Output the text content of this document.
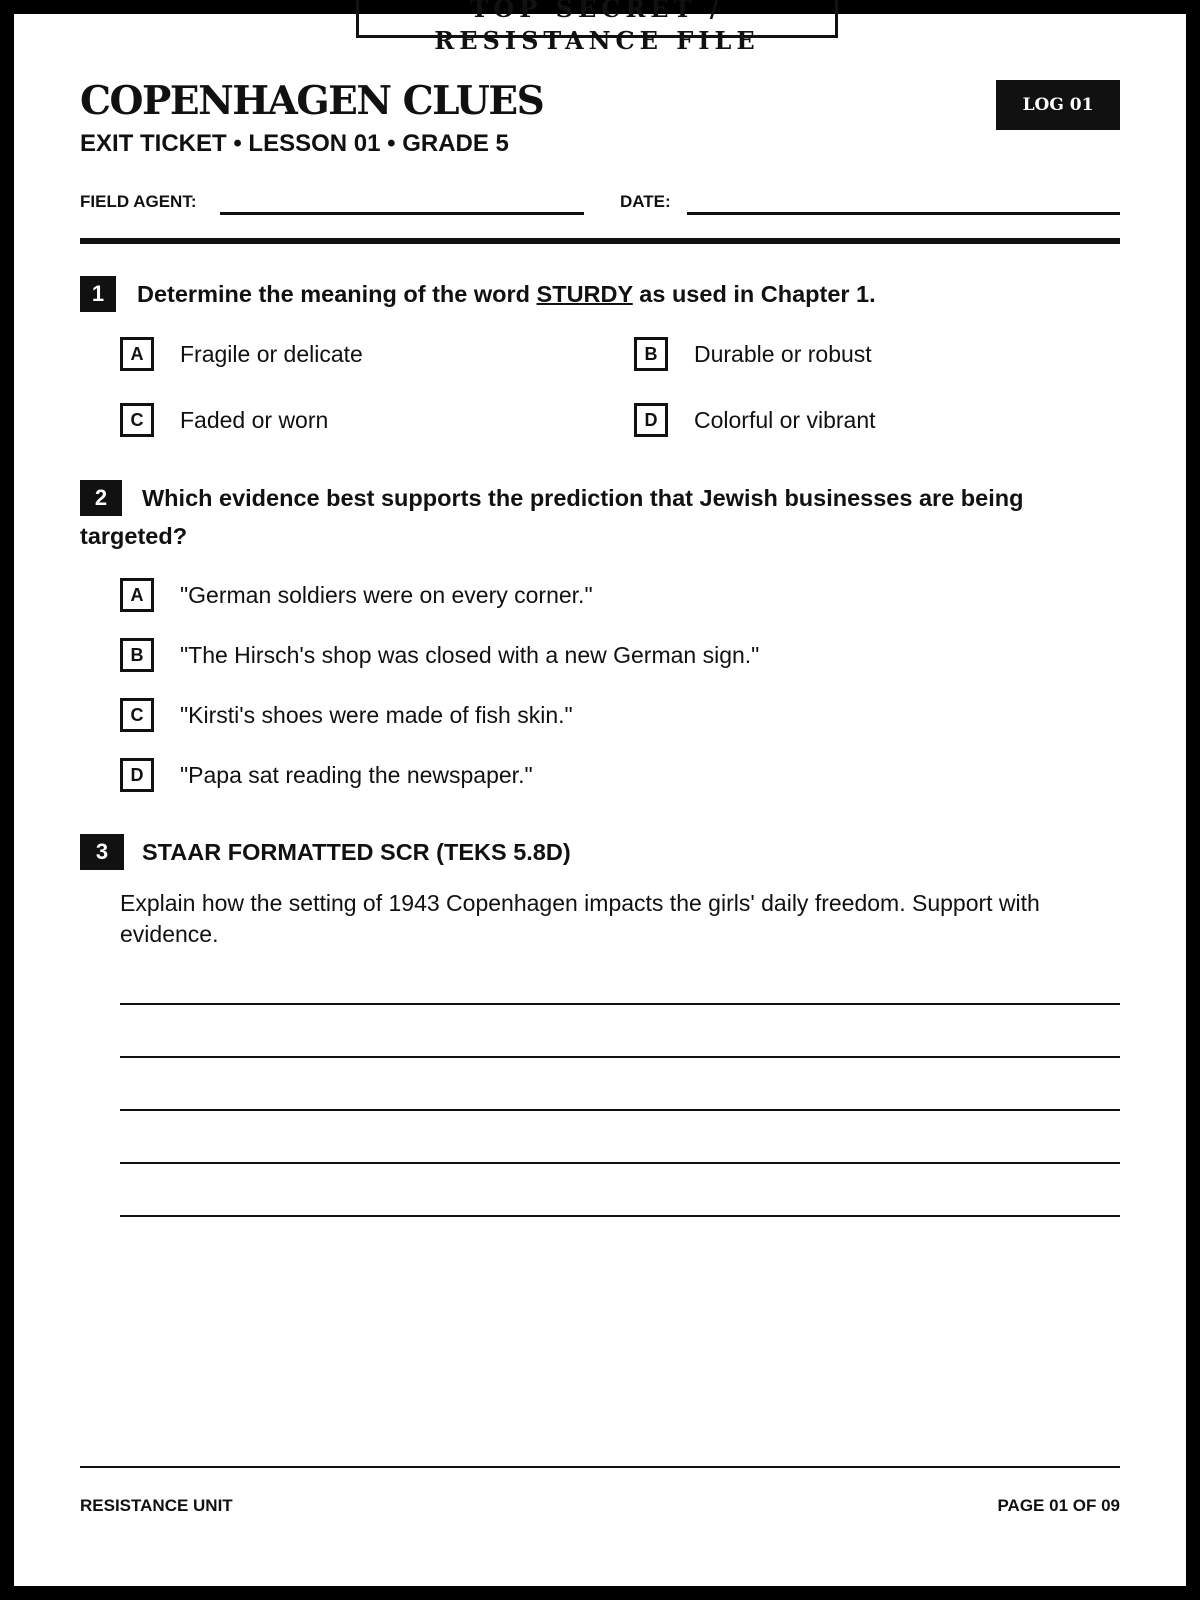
TOP SECRET / RESISTANCE FILE
COPENHAGEN CLUES
EXIT TICKET • LESSON 01 • GRADE 5
LOG 01
FIELD AGENT:	DATE:
1	Determine the meaning of the word STURDY as used in Chapter 1.
A	Fragile or delicate	B	Durable or robust
C	Faded or worn	D	Colorful or vibrant
2	Which evidence best supports the prediction that Jewish businesses are being targeted?
A	"German soldiers were on every corner."
B	"The Hirsch's shop was closed with a new German sign."
C	"Kirsti's shoes were made of fish skin."
D	"Papa sat reading the newspaper."
3	STAAR FORMATTED SCR (TEKS 5.8D)
Explain how the setting of 1943 Copenhagen impacts the girls' daily freedom. Support with evidence.
RESISTANCE UNIT	PAGE 01 OF 09
